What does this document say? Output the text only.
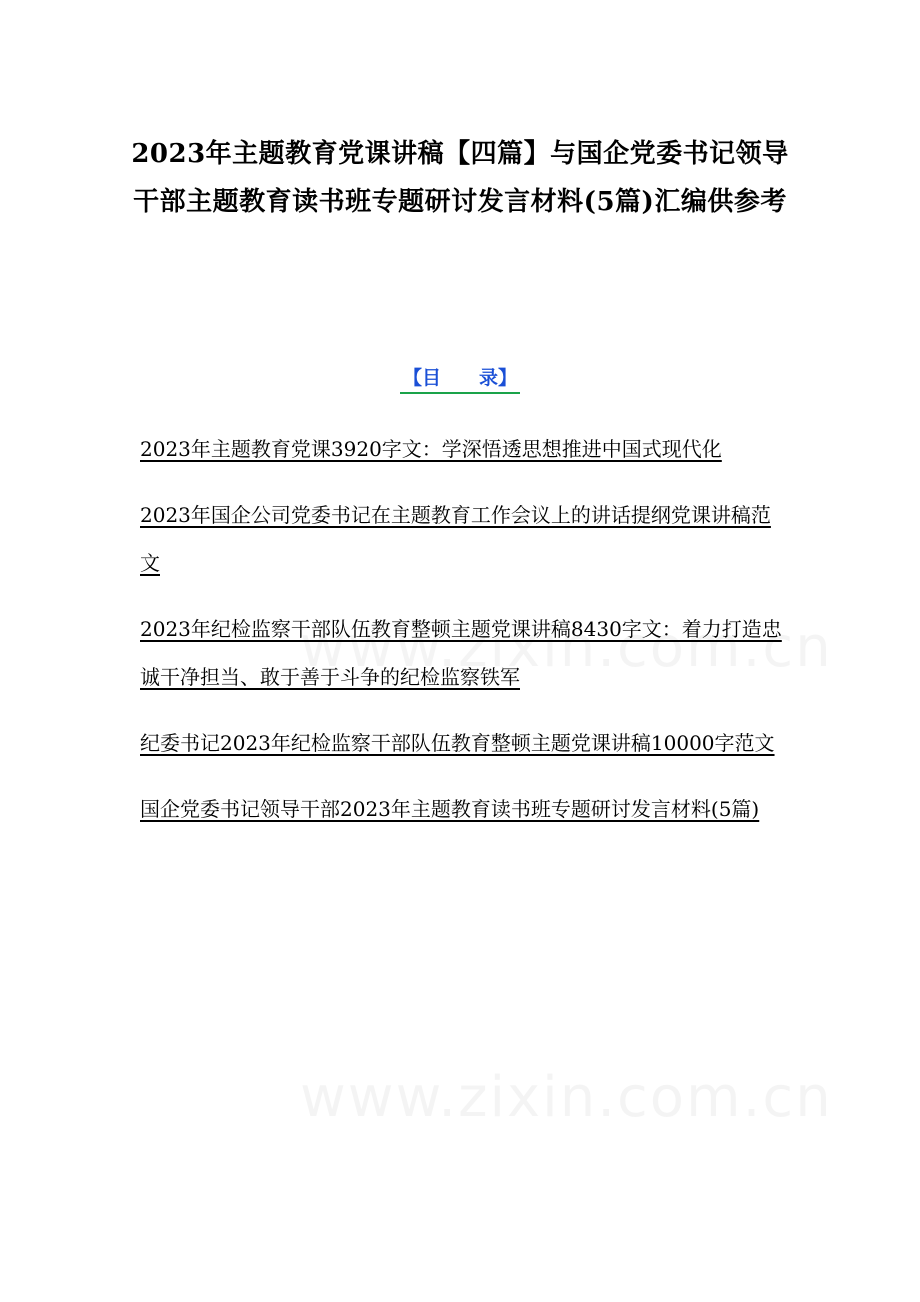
2023年主题教育党课讲稿【四篇】与国企党委书记领导干部主题教育读书班专题研讨发言材料(5篇)汇编供参考
【目　　录】
2023年主题教育党课3920字文：学深悟透思想推进中国式现代化
2023年国企公司党委书记在主题教育工作会议上的讲话提纲党课讲稿范文
2023年纪检监察干部队伍教育整顿主题党课讲稿8430字文：着力打造忠诚干净担当、敢于善于斗争的纪检监察铁军
纪委书记2023年纪检监察干部队伍教育整顿主题党课讲稿10000字范文
国企党委书记领导干部2023年主题教育读书班专题研讨发言材料(5篇)
